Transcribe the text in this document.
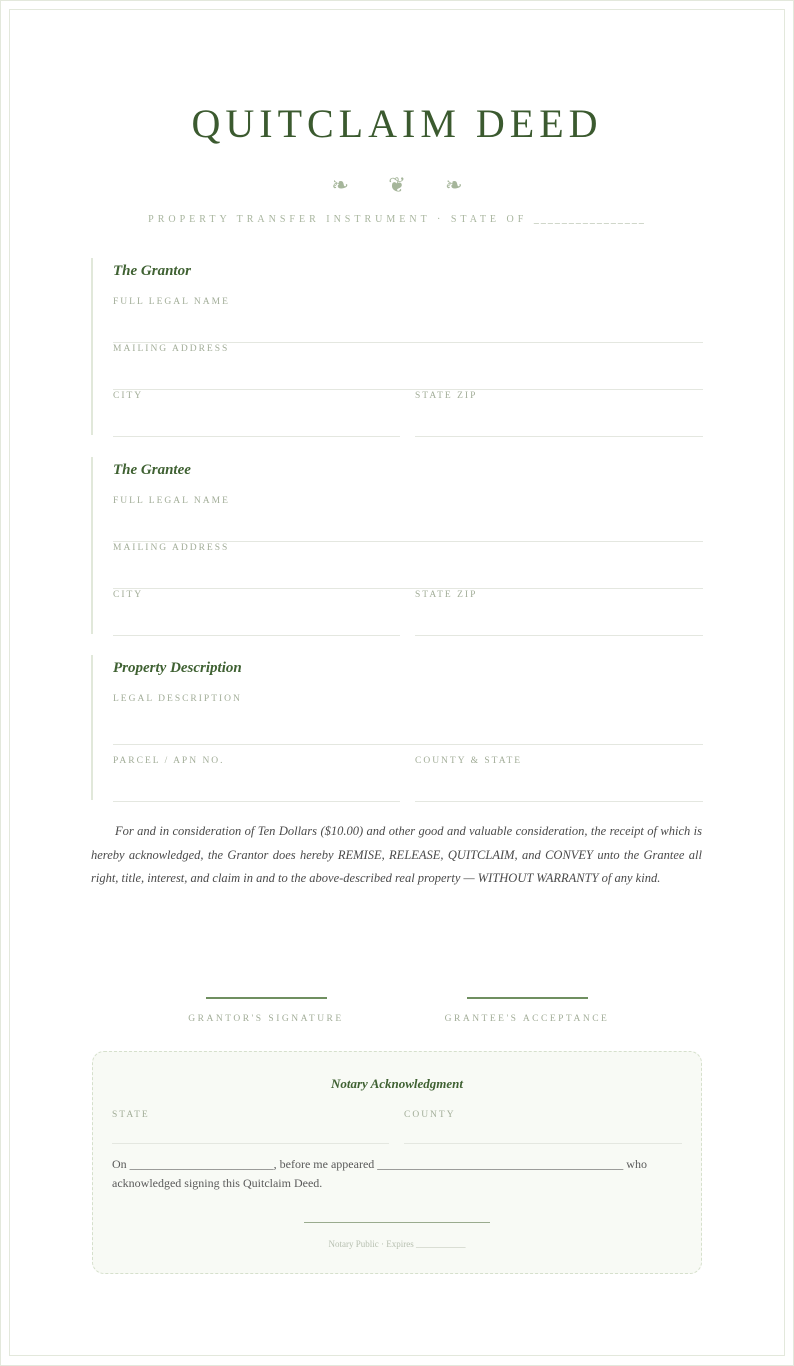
QUITCLAIM DEED
❧ ❦ ❧
PROPERTY TRANSFER INSTRUMENT · STATE OF ________________
The Grantor
FULL LEGAL NAME
MAILING ADDRESS
CITY	STATE ZIP
The Grantee
FULL LEGAL NAME
MAILING ADDRESS
CITY	STATE ZIP
Property Description
LEGAL DESCRIPTION
PARCEL / APN NO.	COUNTY & STATE

For and in consideration of Ten Dollars ($10.00) and other good and valuable consideration, the receipt of which is hereby acknowledged, the Grantor does hereby REMISE, RELEASE, QUITCLAIM, and CONVEY unto the Grantee all right, title, interest, and claim in and to the above-described real property — WITHOUT WARRANTY of any kind.

GRANTOR'S SIGNATURE	GRANTEE'S ACCEPTANCE
Notary Acknowledgment
STATE	COUNTY

On ________________________, before me appeared _________________________________________ who acknowledged signing this Quitclaim Deed.

Notary Public · Expires ___________
